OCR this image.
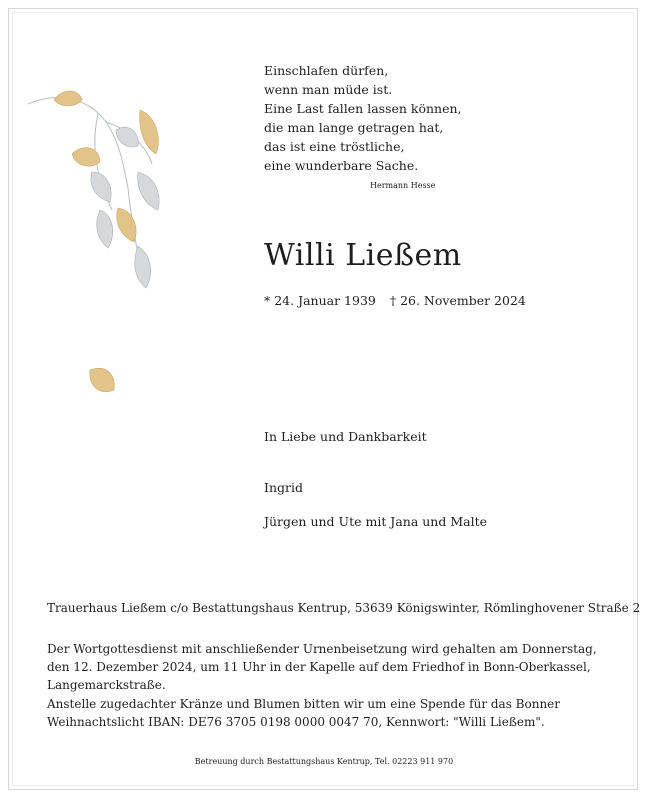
Einschlafen dürfen,
wenn man müde ist.
Eine Last fallen lassen können,
die man lange getragen hat,
das ist eine tröstliche,
eine wunderbare Sache.
Hermann Hesse
Willi Ließem
* 24. Januar 1939 † 26. November 2024
In Liebe und Dankbarkeit
Ingrid
Jürgen und Ute mit Jana und Malte
Trauerhaus Ließem c/o Bestattungshaus Kentrup, 53639 Königswinter, Römlinghovener Straße 2
Der Wortgottesdienst mit anschließender Urnenbeisetzung wird gehalten am Donnerstag, den 12. Dezember 2024, um 11 Uhr in der Kapelle auf dem Friedhof in Bonn-Oberkassel, Langemarckstraße.
Anstelle zugedachter Kränze und Blumen bitten wir um eine Spende für das Bonner Weihnachtslicht IBAN: DE76 3705 0198 0000 0047 70, Kennwort: "Willi Ließem".
Betreuung durch Bestattungshaus Kentrup, Tel. 02223 911 970
